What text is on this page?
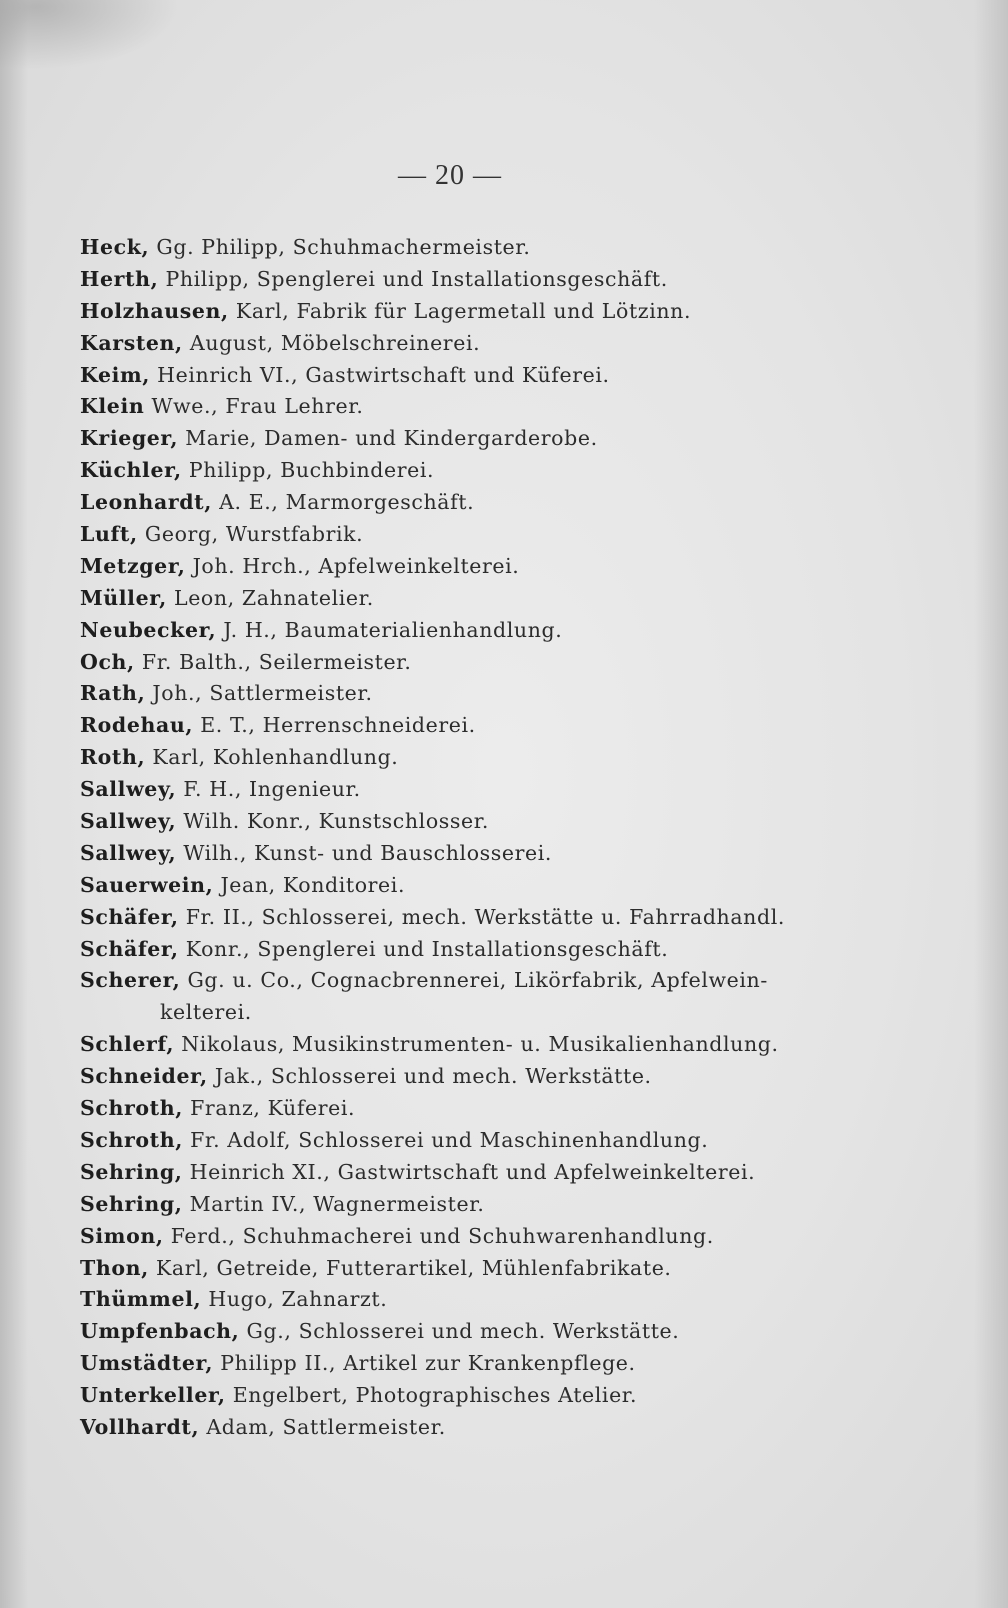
— 20 —
Heck, Gg. Philipp, Schuhmachermeister.
Herth, Philipp, Spenglerei und Installationsgeschäft.
Holzhausen, Karl, Fabrik für Lagermetall und Lötzinn.
Karsten, August, Möbelschreinerei.
Keim, Heinrich VI., Gastwirtschaft und Küferei.
Klein Wwe., Frau Lehrer.
Krieger, Marie, Damen- und Kindergarderobe.
Küchler, Philipp, Buchbinderei.
Leonhardt, A. E., Marmorgeschäft.
Luft, Georg, Wurstfabrik.
Metzger, Joh. Hrch., Apfelweinkelterei.
Müller, Leon, Zahnatelier.
Neubecker, J. H., Baumaterialienhandlung.
Och, Fr. Balth., Seilermeister.
Rath, Joh., Sattlermeister.
Rodehau, E. T., Herrenschneiderei.
Roth, Karl, Kohlenhandlung.
Sallwey, F. H., Ingenieur.
Sallwey, Wilh. Konr., Kunstschlosser.
Sallwey, Wilh., Kunst- und Bauschlosserei.
Sauerwein, Jean, Konditorei.
Schäfer, Fr. II., Schlosserei, mech. Werkstätte u. Fahrradhandl.
Schäfer, Konr., Spenglerei und Installationsgeschäft.
Scherer, Gg. u. Co., Cognacbrennerei, Likörfabrik, Apfelwein-
kelterei.
Schlerf, Nikolaus, Musikinstrumenten- u. Musikalienhandlung.
Schneider, Jak., Schlosserei und mech. Werkstätte.
Schroth, Franz, Küferei.
Schroth, Fr. Adolf, Schlosserei und Maschinenhandlung.
Sehring, Heinrich XI., Gastwirtschaft und Apfelweinkelterei.
Sehring, Martin IV., Wagnermeister.
Simon, Ferd., Schuhmacherei und Schuhwarenhandlung.
Thon, Karl, Getreide, Futterartikel, Mühlenfabrikate.
Thümmel, Hugo, Zahnarzt.
Umpfenbach, Gg., Schlosserei und mech. Werkstätte.
Umstädter, Philipp II., Artikel zur Krankenpflege.
Unterkeller, Engelbert, Photographisches Atelier.
Vollhardt, Adam, Sattlermeister.
